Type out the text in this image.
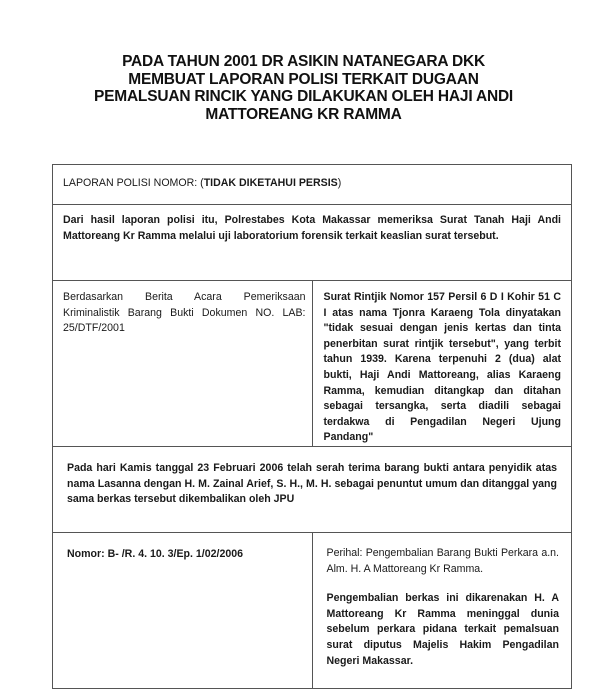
PADA TAHUN 2001 DR ASIKIN NATANEGARA DKK
MEMBUAT LAPORAN POLISI TERKAIT DUGAAN
PEMALSUAN RINCIK YANG DILAKUKAN OLEH HAJI ANDI
MATTOREANG KR RAMMA
LAPORAN POLISI NOMOR: (TIDAK DIKETAHUI PERSIS)	
Dari hasil laporan polisi itu, Polrestabes Kota Makassar memeriksa Surat Tanah Haji Andi Mattoreang Kr Ramma melalui uji laboratorium forensik terkait keaslian surat tersebut.	
Berdasarkan Berita Acara Pemeriksaan Kriminalistik Barang Bukti Dokumen NO. LAB: 25/DTF/2001	Surat Rintjik Nomor 157 Persil 6 D I Kohir 51 C I atas nama Tjonra Karaeng Tola dinyatakan "tidak sesuai dengan jenis kertas dan tinta penerbitan surat rintjik tersebut", yang terbit tahun 1939. Karena terpenuhi 2 (dua) alat bukti, Haji Andi Mattoreang, alias Karaeng Ramma, kemudian ditangkap dan ditahan sebagai tersangka, serta diadili sebagai terdakwa di Pengadilan Negeri Ujung Pandang"
Pada hari Kamis tanggal 23 Februari 2006 telah serah terima barang bukti antara penyidik atas nama Lasanna dengan H. M. Zainal Arief, S. H., M. H. sebagai penuntut umum dan ditanggal yang sama berkas tersebut dikembalikan oleh JPU	
Nomor: B- /R. 4. 10. 3/Ep. 1/02/2006	Perihal: Pengembalian Barang Bukti Perkara a.n. Alm. H. A Mattoreang Kr Ramma.
Pengembalian berkas ini dikarenakan H. A Mattoreang Kr Ramma meninggal dunia sebelum perkara pidana terkait pemalsuan surat diputus Majelis Hakim Pengadilan Negeri Makassar.
